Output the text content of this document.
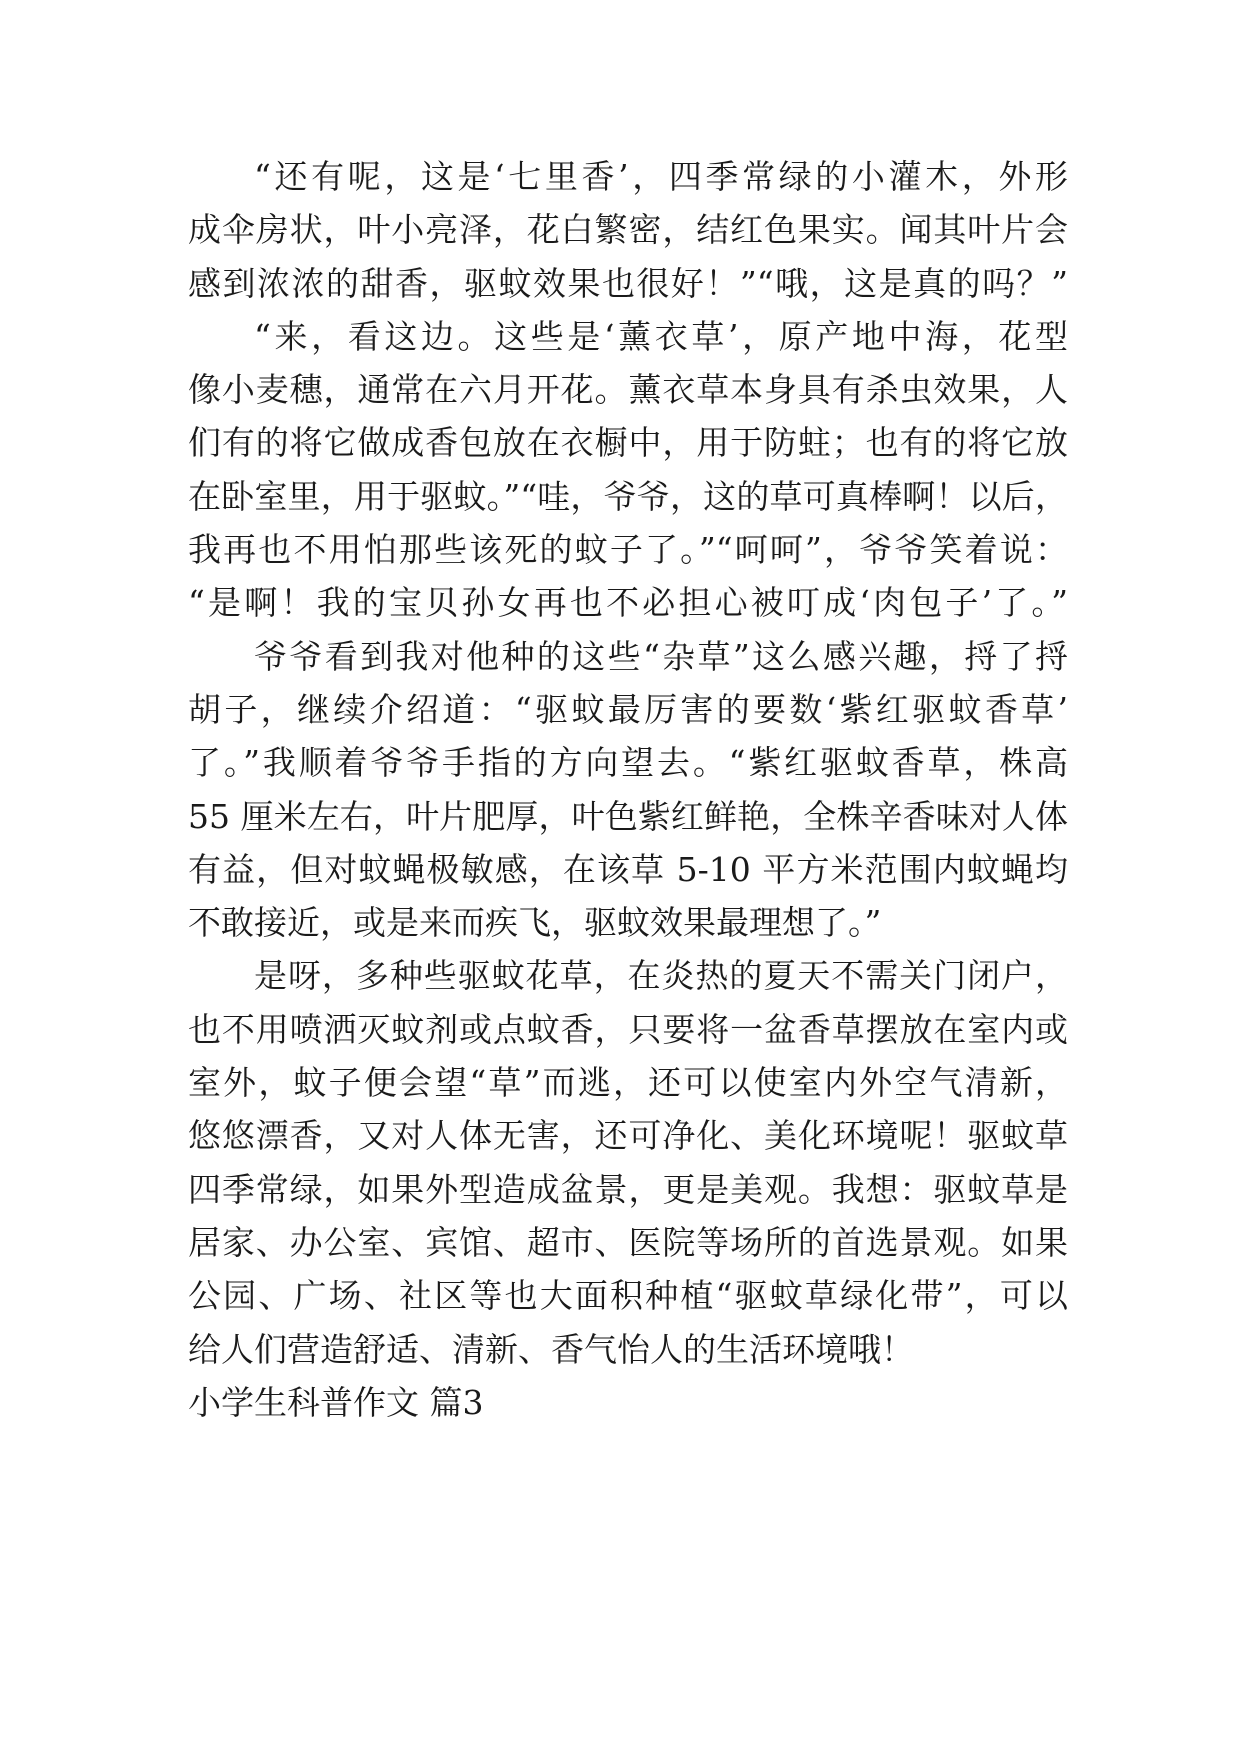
“还有呢，这是‘七里香’，四季常绿的小灌木，外形
成伞房状，叶小亮泽，花白繁密，结红色果实。闻其叶片会
感到浓浓的甜香，驱蚊效果也很好！”“哦，这是真的吗？”
“来，看这边。这些是‘薰衣草’，原产地中海，花型
像小麦穗，通常在六月开花。薰衣草本身具有杀虫效果，人
们有的将它做成香包放在衣橱中，用于防蛀；也有的将它放
在卧室里，用于驱蚊。”“哇，爷爷，这的草可真棒啊！以后，
我再也不用怕那些该死的蚊子了。”“呵呵”，爷爷笑着说：
“是啊！我的宝贝孙女再也不必担心被叮成‘肉包子’了。”
爷爷看到我对他种的这些“杂草”这么感兴趣，捋了捋
胡子，继续介绍道：“驱蚊最厉害的要数‘紫红驱蚊香草’
了。”我顺着爷爷手指的方向望去。“紫红驱蚊香草，株高
55 厘米左右，叶片肥厚，叶色紫红鲜艳，全株辛香味对人体
有益，但对蚊蝇极敏感，在该草 5-10 平方米范围内蚊蝇均
不敢接近，或是来而疾飞，驱蚊效果最理想了。”
是呀，多种些驱蚊花草，在炎热的夏天不需关门闭户，
也不用喷洒灭蚊剂或点蚊香，只要将一盆香草摆放在室内或
室外，蚊子便会望“草”而逃，还可以使室内外空气清新，
悠悠漂香，又对人体无害，还可净化、美化环境呢！驱蚊草
四季常绿，如果外型造成盆景，更是美观。我想：驱蚊草是
居家、办公室、宾馆、超市、医院等场所的首选景观。如果
公园、广场、社区等也大面积种植“驱蚊草绿化带”，可以
给人们营造舒适、清新、香气怡人的生活环境哦！
小学生科普作文 篇3
